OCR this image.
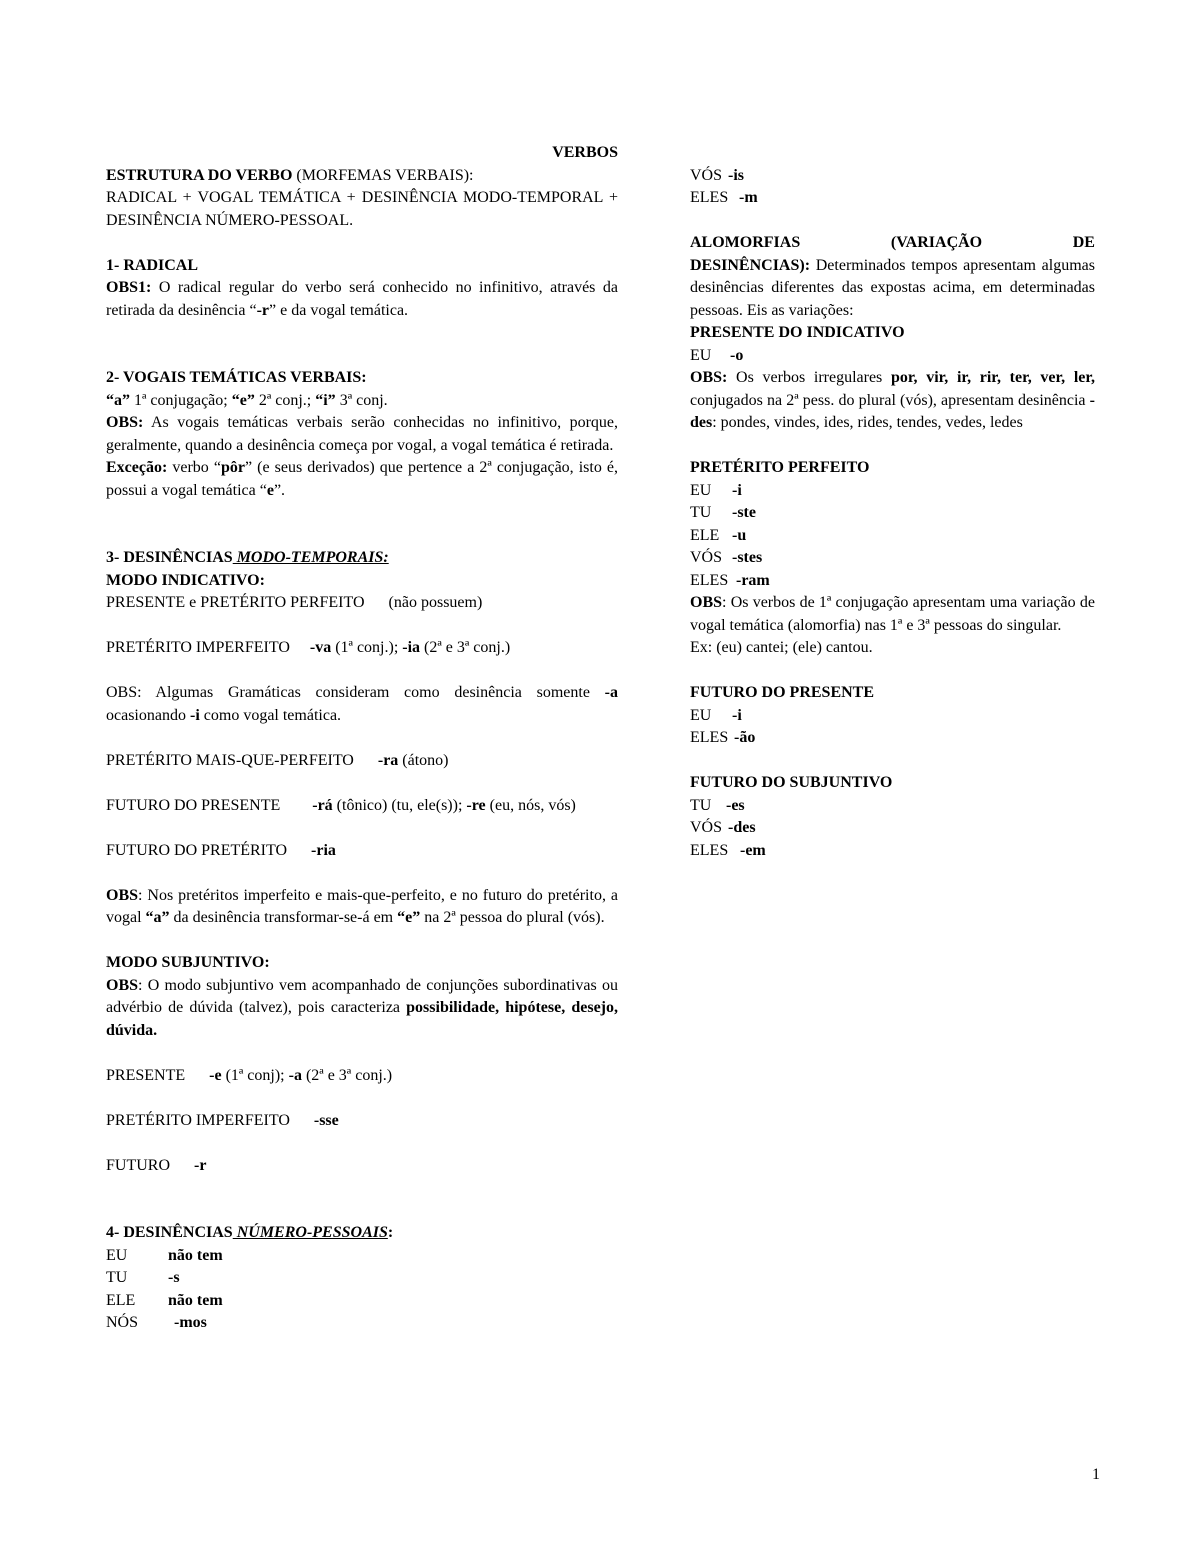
VERBOS

ESTRUTURA DO VERBO (MORFEMAS VERBAIS):

RADICAL + VOGAL TEMÁTICA + DESINÊNCIA MODO-TEMPORAL + DESINÊNCIA NÚMERO-PESSOAL.

1- RADICAL

OBS1: O radical regular do verbo será conhecido no infinitivo, através da retirada da desinência “-r” e da vogal temática.

2- VOGAIS TEMÁTICAS VERBAIS:

“a” 1ª conjugação; “e” 2ª conj.; “i” 3ª conj.

OBS: As vogais temáticas verbais serão conhecidas no infinitivo, porque, geralmente, quando a desinência começa por vogal, a vogal temática é retirada.

Exceção: verbo “pôr” (e seus derivados) que pertence a 2ª conjugação, isto é, possui a vogal temática “e”.

3- DESINÊNCIAS MODO-TEMPORAIS:

MODO INDICATIVO:

PRESENTE e PRETÉRITO PERFEITO (não possuem)

PRETÉRITO IMPERFEITO -va (1ª conj.); -ia (2ª e 3ª conj.)

OBS: Algumas Gramáticas consideram como desinência somente -a ocasionando -i como vogal temática.

PRETÉRITO MAIS-QUE-PERFEITO -ra (átono)

FUTURO DO PRESENTE -rá (tônico) (tu, ele(s)); -re (eu, nós, vós)

FUTURO DO PRETÉRITO -ria

OBS: Nos pretéritos imperfeito e mais-que-perfeito, e no futuro do pretérito, a vogal “a” da desinência transformar-se-á em “e” na 2ª pessoa do plural (vós).

MODO SUBJUNTIVO:

OBS: O modo subjuntivo vem acompanhado de conjunções subordinativas ou advérbio de dúvida (talvez), pois caracteriza possibilidade, hipótese, desejo, dúvida.

PRESENTE -e (1ª conj); -a (2ª e 3ª conj.)

PRETÉRITO IMPERFEITO -sse

FUTURO -r

4- DESINÊNCIAS NÚMERO-PESSOAIS:

EU	não tem

TU	-s

ELE não tem

NÓS -mos

VÓS -is

ELES -m

ALOMORFIAS	(VARIAÇÃO	DE

DESINÊNCIAS): Determinados tempos apresentam algumas desinências diferentes das expostas acima, em determinadas pessoas. Eis as variações:

PRESENTE DO INDICATIVO

EU -o

OBS: Os verbos irregulares por, vir, ir, rir, ter, ver, ler, conjugados na 2ª pess. do plural (vós), apresentam desinência -des: pondes, vindes, ides, rides, tendes, vedes, ledes

PRETÉRITO PERFEITO

EU -i

TU -ste

ELE -u

VÓS -stes

ELES -ram

OBS: Os verbos de 1ª conjugação apresentam uma variação de vogal temática (alomorfia) nas 1ª e 3ª pessoas do singular.

Ex: (eu) cantei; (ele) cantou.

FUTURO DO PRESENTE

EU -i

ELES -ão

FUTURO DO SUBJUNTIVO

TU -es

VÓS -des

ELES -em

1
